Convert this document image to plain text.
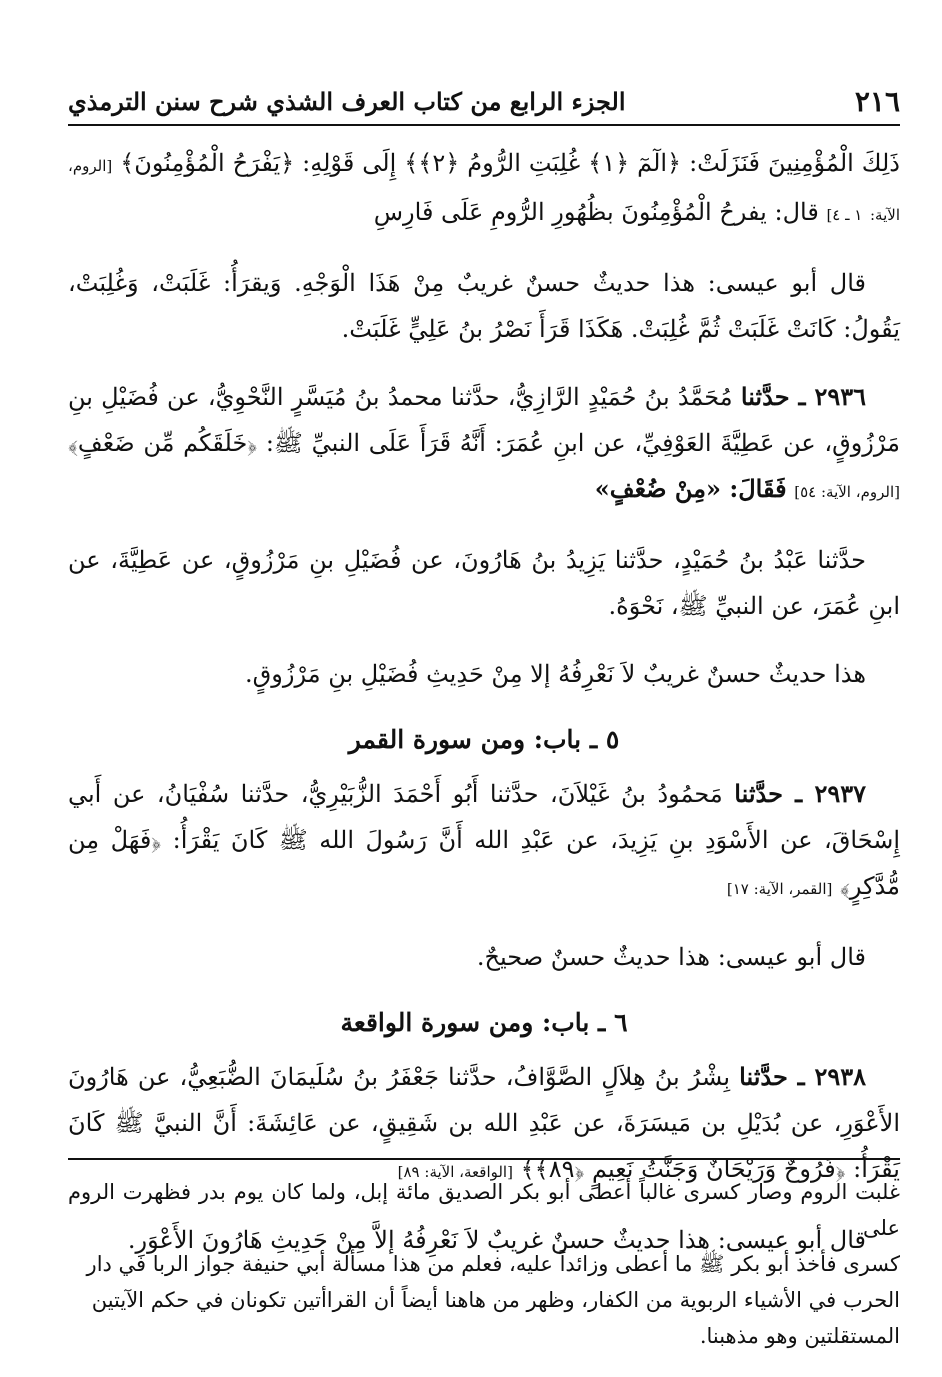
٢١٦
الجزء الرابع من كتاب العرف الشذي شرح سنن الترمذي

ذَلِكَ الْمُؤْمِنِينَ فَنَزَلَتْ: ﴿الٓمٓ ﴿١﴾ غُلِبَتِ الرُّومُ ﴿٢﴾﴾ إِلَى قَوْلِهِ: ﴿يَفْرَحُ الْمُؤْمِنُونَ﴾ [الروم، الآية: ١ ـ ٤] قال: يفرحُ الْمُؤْمِنُونَ بظُهُورِ الرُّومِ عَلَى فَارِسِ

قال أبو عيسى: هذا حديثٌ حسنٌ غريبٌ مِنْ هَذَا الْوَجْهِ. وَيقرَأُ: غَلَبَتْ، وَغُلِبَتْ، يَقُولُ: كَانَتْ غَلَبَتْ ثُمَّ غُلِبَتْ. هَكَذَا قَرَأَ نَصْرُ بنُ عَلِيٍّ غَلَبَتْ.

٢٩٣٦ ـ حدَّثنا مُحَمَّدُ بنُ حُمَيْدٍ الرَّازِيُّ، حدَّثنا محمدُ بنُ مُيَسَّرٍ النَّحْوِيُّ، عن فُضَيْلِ بنِ مَرْزُوقٍ، عن عَطِيَّةَ العَوْفِيِّ، عن ابنِ عُمَرَ: أَنَّهُ قَرَأَ عَلَى النبيِّ ﷺ: ﴿خَلَقَكُم مِّن ضَعْفٍ﴾ [الروم، الآية: ٥٤] فَقَالَ: «مِنْ ضُعْفٍ»

حدَّثنا عَبْدُ بنُ حُمَيْدٍ، حدَّثنا يَزِيدُ بنُ هَارُونَ، عن فُضَيْلِ بنِ مَرْزُوقٍ، عن عَطِيَّةَ، عن ابنِ عُمَرَ، عن النبيِّ ﷺ، نَحْوَهُ.

هذا حديثٌ حسنٌ غريبٌ لاَ نَعْرِفُهُ إلا مِنْ حَدِيثِ فُضَيْلِ بنِ مَرْزُوقٍ.

٥ ـ باب: ومن سورة القمر

٢٩٣٧ ـ حدَّثنا مَحمُودُ بنُ غَيْلاَنَ، حدَّثنا أَبُو أَحْمَدَ الزُّبَيْرِيُّ، حدَّثنا سُفْيَانُ، عن أَبي إِسْحَاقَ، عن الأَسْوَدِ بنِ يَزِيدَ، عن عَبْدِ الله أَنَّ رَسُولَ الله ﷺ كَانَ يَقْرَأُ: ﴿فَهَلْ مِن مُّدَّكِرٍ﴾ [القمر، الآية: ١٧]

قال أبو عيسى: هذا حديثٌ حسنٌ صحيحٌ.

٦ ـ باب: ومن سورة الواقعة

٢٩٣٨ ـ حدَّثنا بِشْرُ بنُ هِلاَلٍ الصَّوَّافُ، حدَّثنا جَعْفَرُ بنُ سُلَيمَانَ الضُّبَعِيُّ، عن هَارُونَ الأَعْوَرِ، عن بُدَيْلِ بن مَيسَرَةَ، عن عَبْدِ الله بن شَقِيقٍ، عن عَائِشَةَ: أَنَّ النبيَّ ﷺ كَانَ يَقْرَأُ: ﴿فَرُوحٌ وَرَيْحَانٌ وَجَنَّتُ نَعِيمٍ ﴿٨٩﴾﴾ [الواقعة، الآية: ٨٩]

قال أبو عيسى: هذا حديثٌ حسنٌ غريبٌ لاَ نَعْرِفُهُ إلاَّ مِنْ حَدِيثِ هَارُونَ الأَعْوَرِ.

غلبت الروم وصار كسرى غالباً أعطى أبو بكر الصديق مائة إبل، ولما كان يوم بدر فظهرت الروم على
كسرى فأخذ أبو بكر ﷺ ما أعطى وزائداً عليه، فعلم من هذا مسألة أبي حنيفة جواز الربا في دار
الحرب في الأشياء الربوية من الكفار، وظهر من هاهنا أيضاً أن القراأتين تكونان في حكم الآيتين
المستقلتين وهو مذهبنا.
